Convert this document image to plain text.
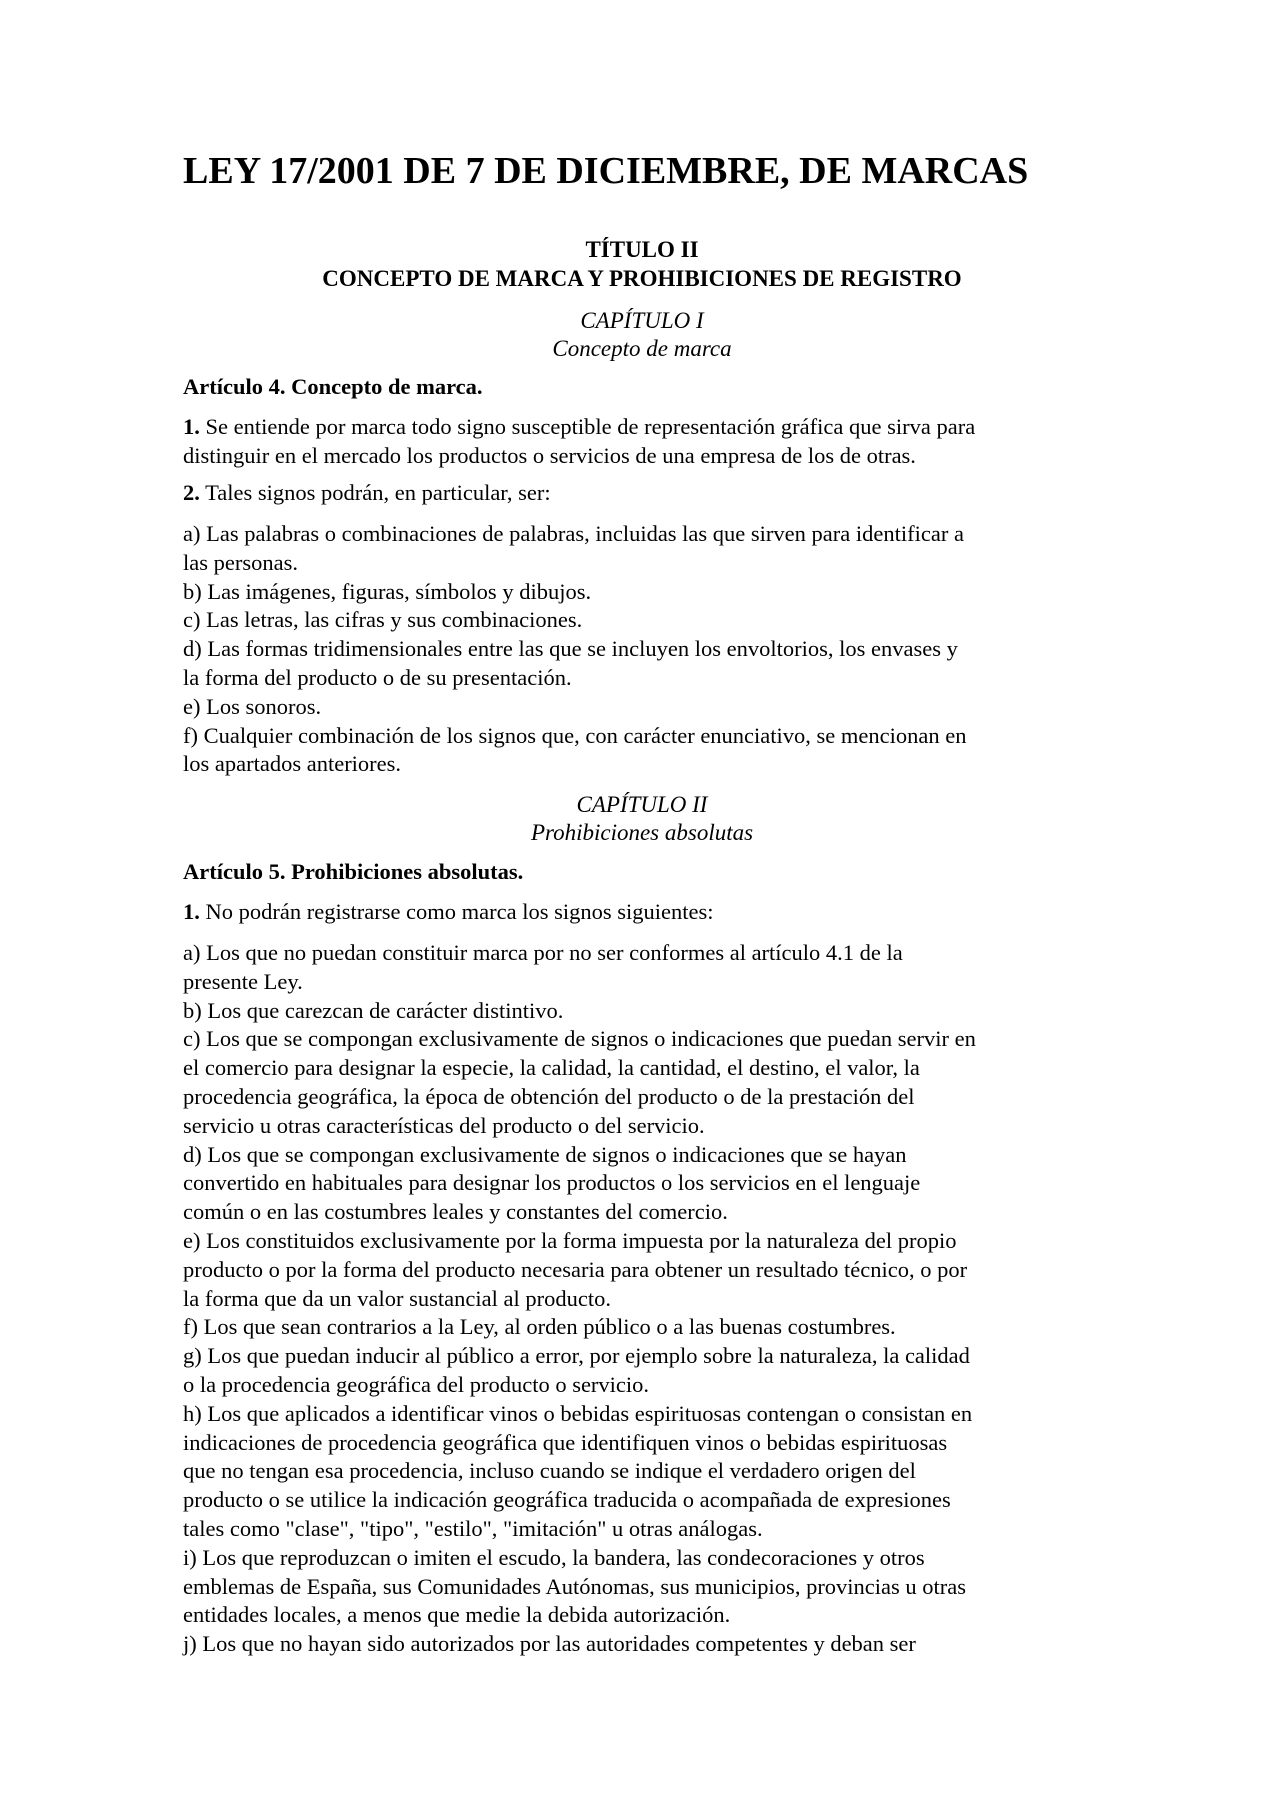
LEY 17/2001 DE 7 DE DICIEMBRE, DE MARCAS
TÍTULO II
CONCEPTO DE MARCA Y PROHIBICIONES DE REGISTRO
CAPÍTULO I
Concepto de marca
Artículo 4. Concepto de marca.
1. Se entiende por marca todo signo susceptible de representación gráfica que sirva para
distinguir en el mercado los productos o servicios de una empresa de los de otras.
2. Tales signos podrán, en particular, ser:
a) Las palabras o combinaciones de palabras, incluidas las que sirven para identificar a
las personas.
b) Las imágenes, figuras, símbolos y dibujos.
c) Las letras, las cifras y sus combinaciones.
d) Las formas tridimensionales entre las que se incluyen los envoltorios, los envases y
la forma del producto o de su presentación.
e) Los sonoros.
f) Cualquier combinación de los signos que, con carácter enunciativo, se mencionan en
los apartados anteriores.
CAPÍTULO II
Prohibiciones absolutas
Artículo 5. Prohibiciones absolutas.
1. No podrán registrarse como marca los signos siguientes:
a) Los que no puedan constituir marca por no ser conformes al artículo 4.1 de la
presente Ley.
b) Los que carezcan de carácter distintivo.
c) Los que se compongan exclusivamente de signos o indicaciones que puedan servir en
el comercio para designar la especie, la calidad, la cantidad, el destino, el valor, la
procedencia geográfica, la época de obtención del producto o de la prestación del
servicio u otras características del producto o del servicio.
d) Los que se compongan exclusivamente de signos o indicaciones que se hayan
convertido en habituales para designar los productos o los servicios en el lenguaje
común o en las costumbres leales y constantes del comercio.
e) Los constituidos exclusivamente por la forma impuesta por la naturaleza del propio
producto o por la forma del producto necesaria para obtener un resultado técnico, o por
la forma que da un valor sustancial al producto.
f) Los que sean contrarios a la Ley, al orden público o a las buenas costumbres.
g) Los que puedan inducir al público a error, por ejemplo sobre la naturaleza, la calidad
o la procedencia geográfica del producto o servicio.
h) Los que aplicados a identificar vinos o bebidas espirituosas contengan o consistan en
indicaciones de procedencia geográfica que identifiquen vinos o bebidas espirituosas
que no tengan esa procedencia, incluso cuando se indique el verdadero origen del
producto o se utilice la indicación geográfica traducida o acompañada de expresiones
tales como "clase", "tipo", "estilo", "imitación" u otras análogas.
i) Los que reproduzcan o imiten el escudo, la bandera, las condecoraciones y otros
emblemas de España, sus Comunidades Autónomas, sus municipios, provincias u otras
entidades locales, a menos que medie la debida autorización.
j) Los que no hayan sido autorizados por las autoridades competentes y deban ser
